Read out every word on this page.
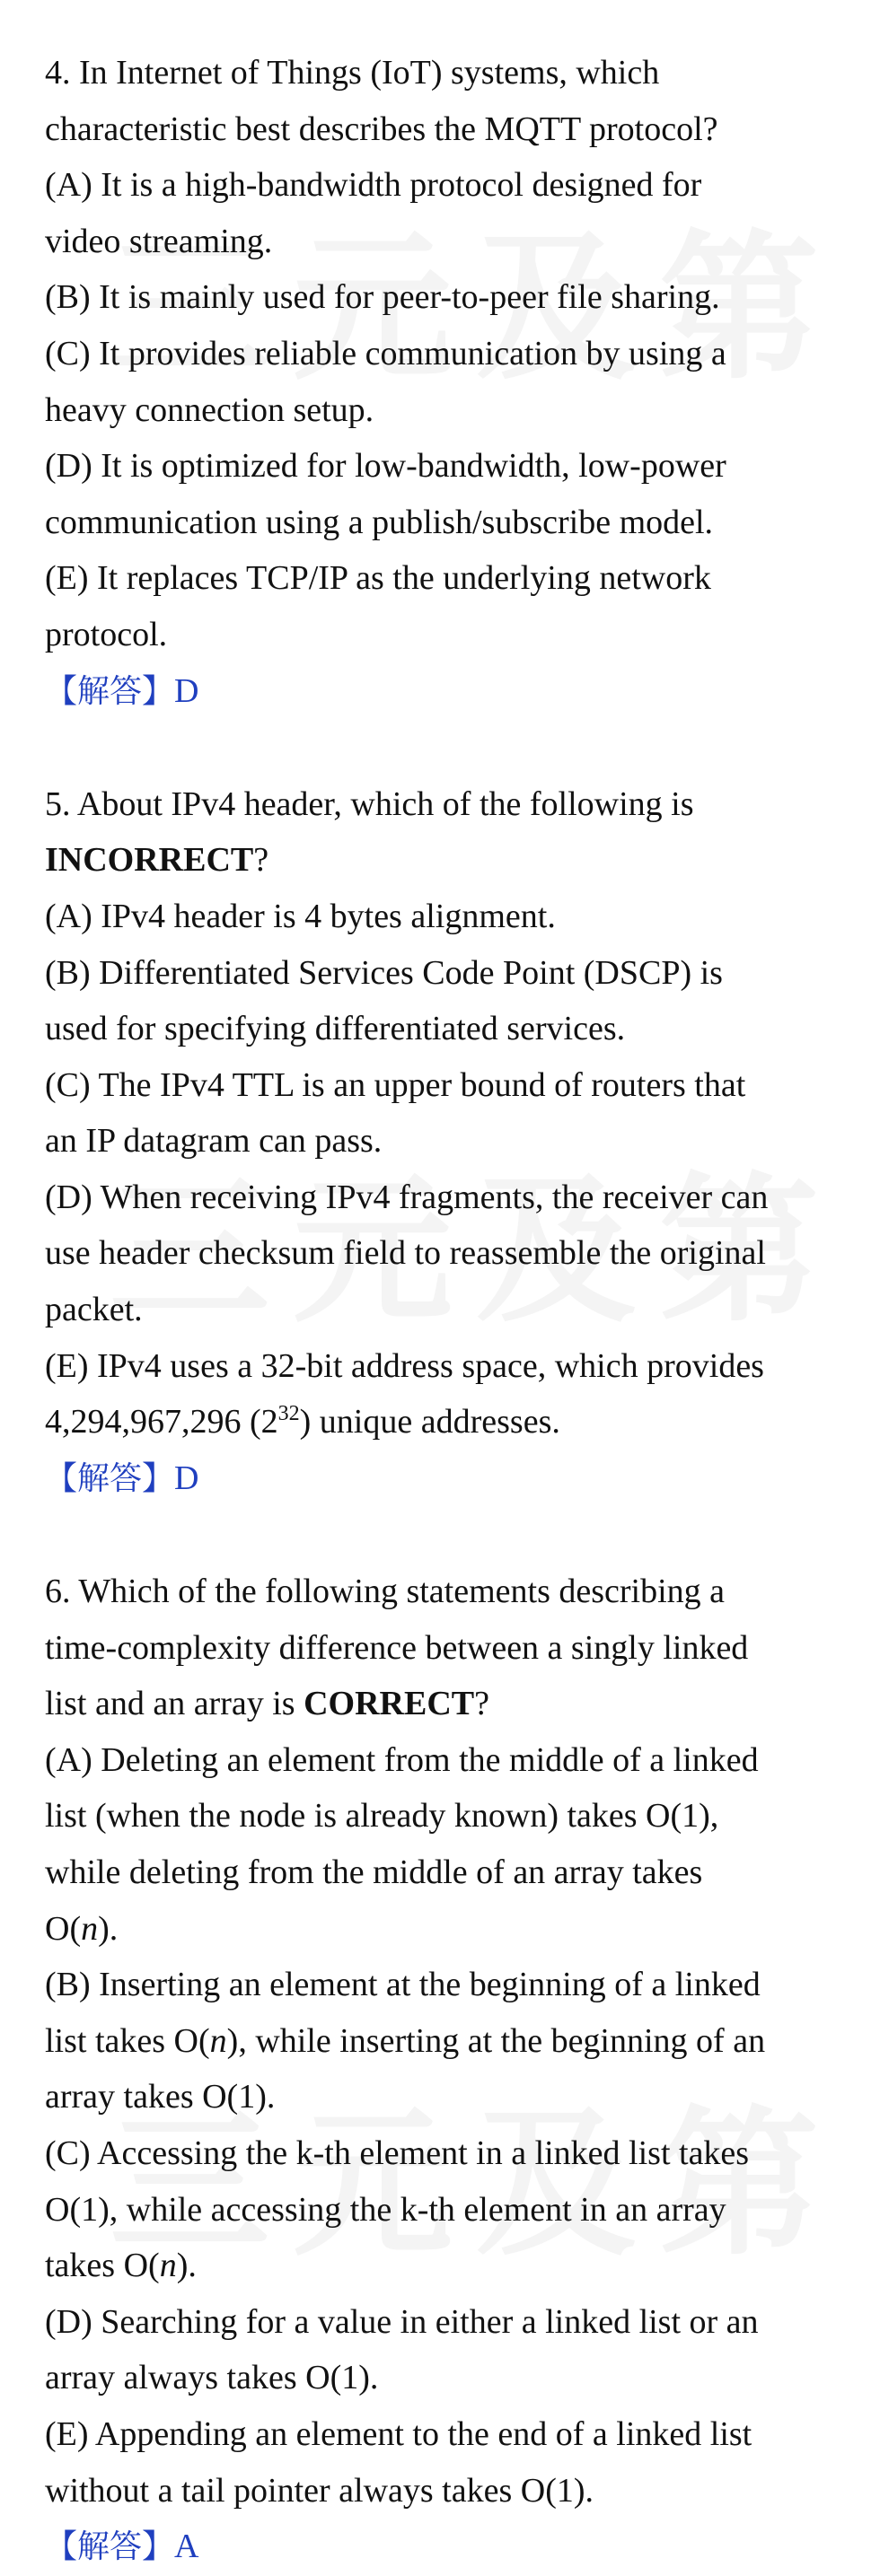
4. In Internet of Things (IoT) systems, which
characteristic best describes the MQTT protocol?
(A) It is a high-bandwidth protocol designed for
video streaming.
(B) It is mainly used for peer-to-peer file sharing.
(C) It provides reliable communication by using a
heavy connection setup.
(D) It is optimized for low-bandwidth, low-power
communication using a publish/subscribe model.
(E) It replaces TCP/IP as the underlying network
protocol.
【解答】D
5. About IPv4 header, which of the following is
INCORRECT?
(A) IPv4 header is 4 bytes alignment.
(B) Differentiated Services Code Point (DSCP) is
used for specifying differentiated services.
(C) The IPv4 TTL is an upper bound of routers that
an IP datagram can pass.
(D) When receiving IPv4 fragments, the receiver can
use header checksum field to reassemble the original
packet.
(E) IPv4 uses a 32-bit address space, which provides
4,294,967,296 $(2^{32})$ unique addresses.
【解答】D
6. Which of the following statements describing a
time-complexity difference between a singly linked
list and an array is CORRECT?
(A) Deleting an element from the middle of a linked
list (when the node is already known) takes O(1),
while deleting from the middle of an array takes
O(n).
(B) Inserting an element at the beginning of a linked
list takes O(n), while inserting at the beginning of an
array takes O(1).
(C) Accessing the k-th element in a linked list takes
O(1), while accessing the k-th element in an array
takes O(n).
(D) Searching for a value in either a linked list or an
array always takes O(1).
(E) Appending an element to the end of a linked list
without a tail pointer always takes O(1).
【解答】A
